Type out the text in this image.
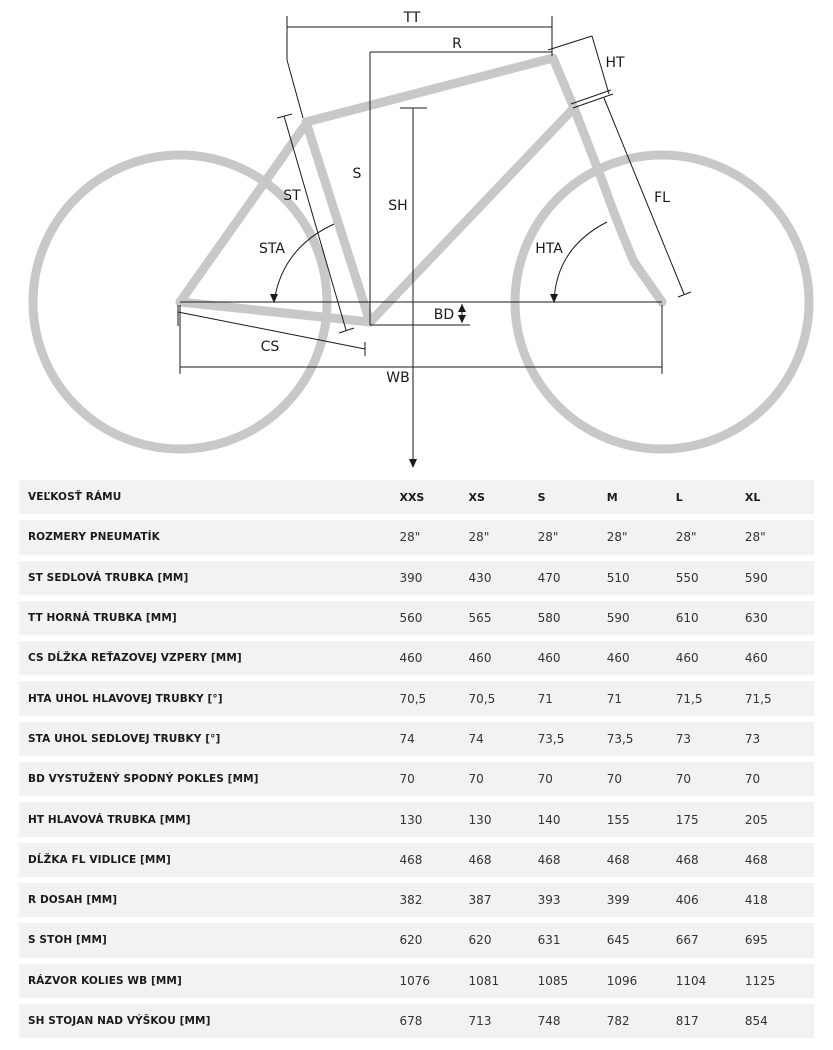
TT
R
HT
S
SH
ST
STA
FL
HTA
BD
CS
WB
VEĽKOSŤ RÁMU	XXS	XS	S	M	L	XL
ROZMERY PNEUMATÍK	28"	28"	28"	28"	28"	28"
ST SEDLOVÁ TRUBKA [MM]	390	430	470	510	550	590
TT HORNÁ TRUBKA [MM]	560	565	580	590	610	630
CS DĹŽKA REŤAZOVEJ VZPERY [MM]	460	460	460	460	460	460
HTA UHOL HLAVOVEJ TRUBKY [°]	70,5	70,5	71	71	71,5	71,5
STA UHOL SEDLOVEJ TRUBKY [°]	74	74	73,5	73,5	73	73
BD VYSTUŽENÝ SPODNÝ POKLES [MM]	70	70	70	70	70	70
HT HLAVOVÁ TRUBKA [MM]	130	130	140	155	175	205
DĹŽKA FL VIDLICE [MM]	468	468	468	468	468	468
R DOSAH [MM]	382	387	393	399	406	418
S STOH [MM]	620	620	631	645	667	695
RÁZVOR KOLIES WB [MM]	1076	1081	1085	1096	1104	1125
SH STOJAN NAD VÝŠKOU [MM]	678	713	748	782	817	854
